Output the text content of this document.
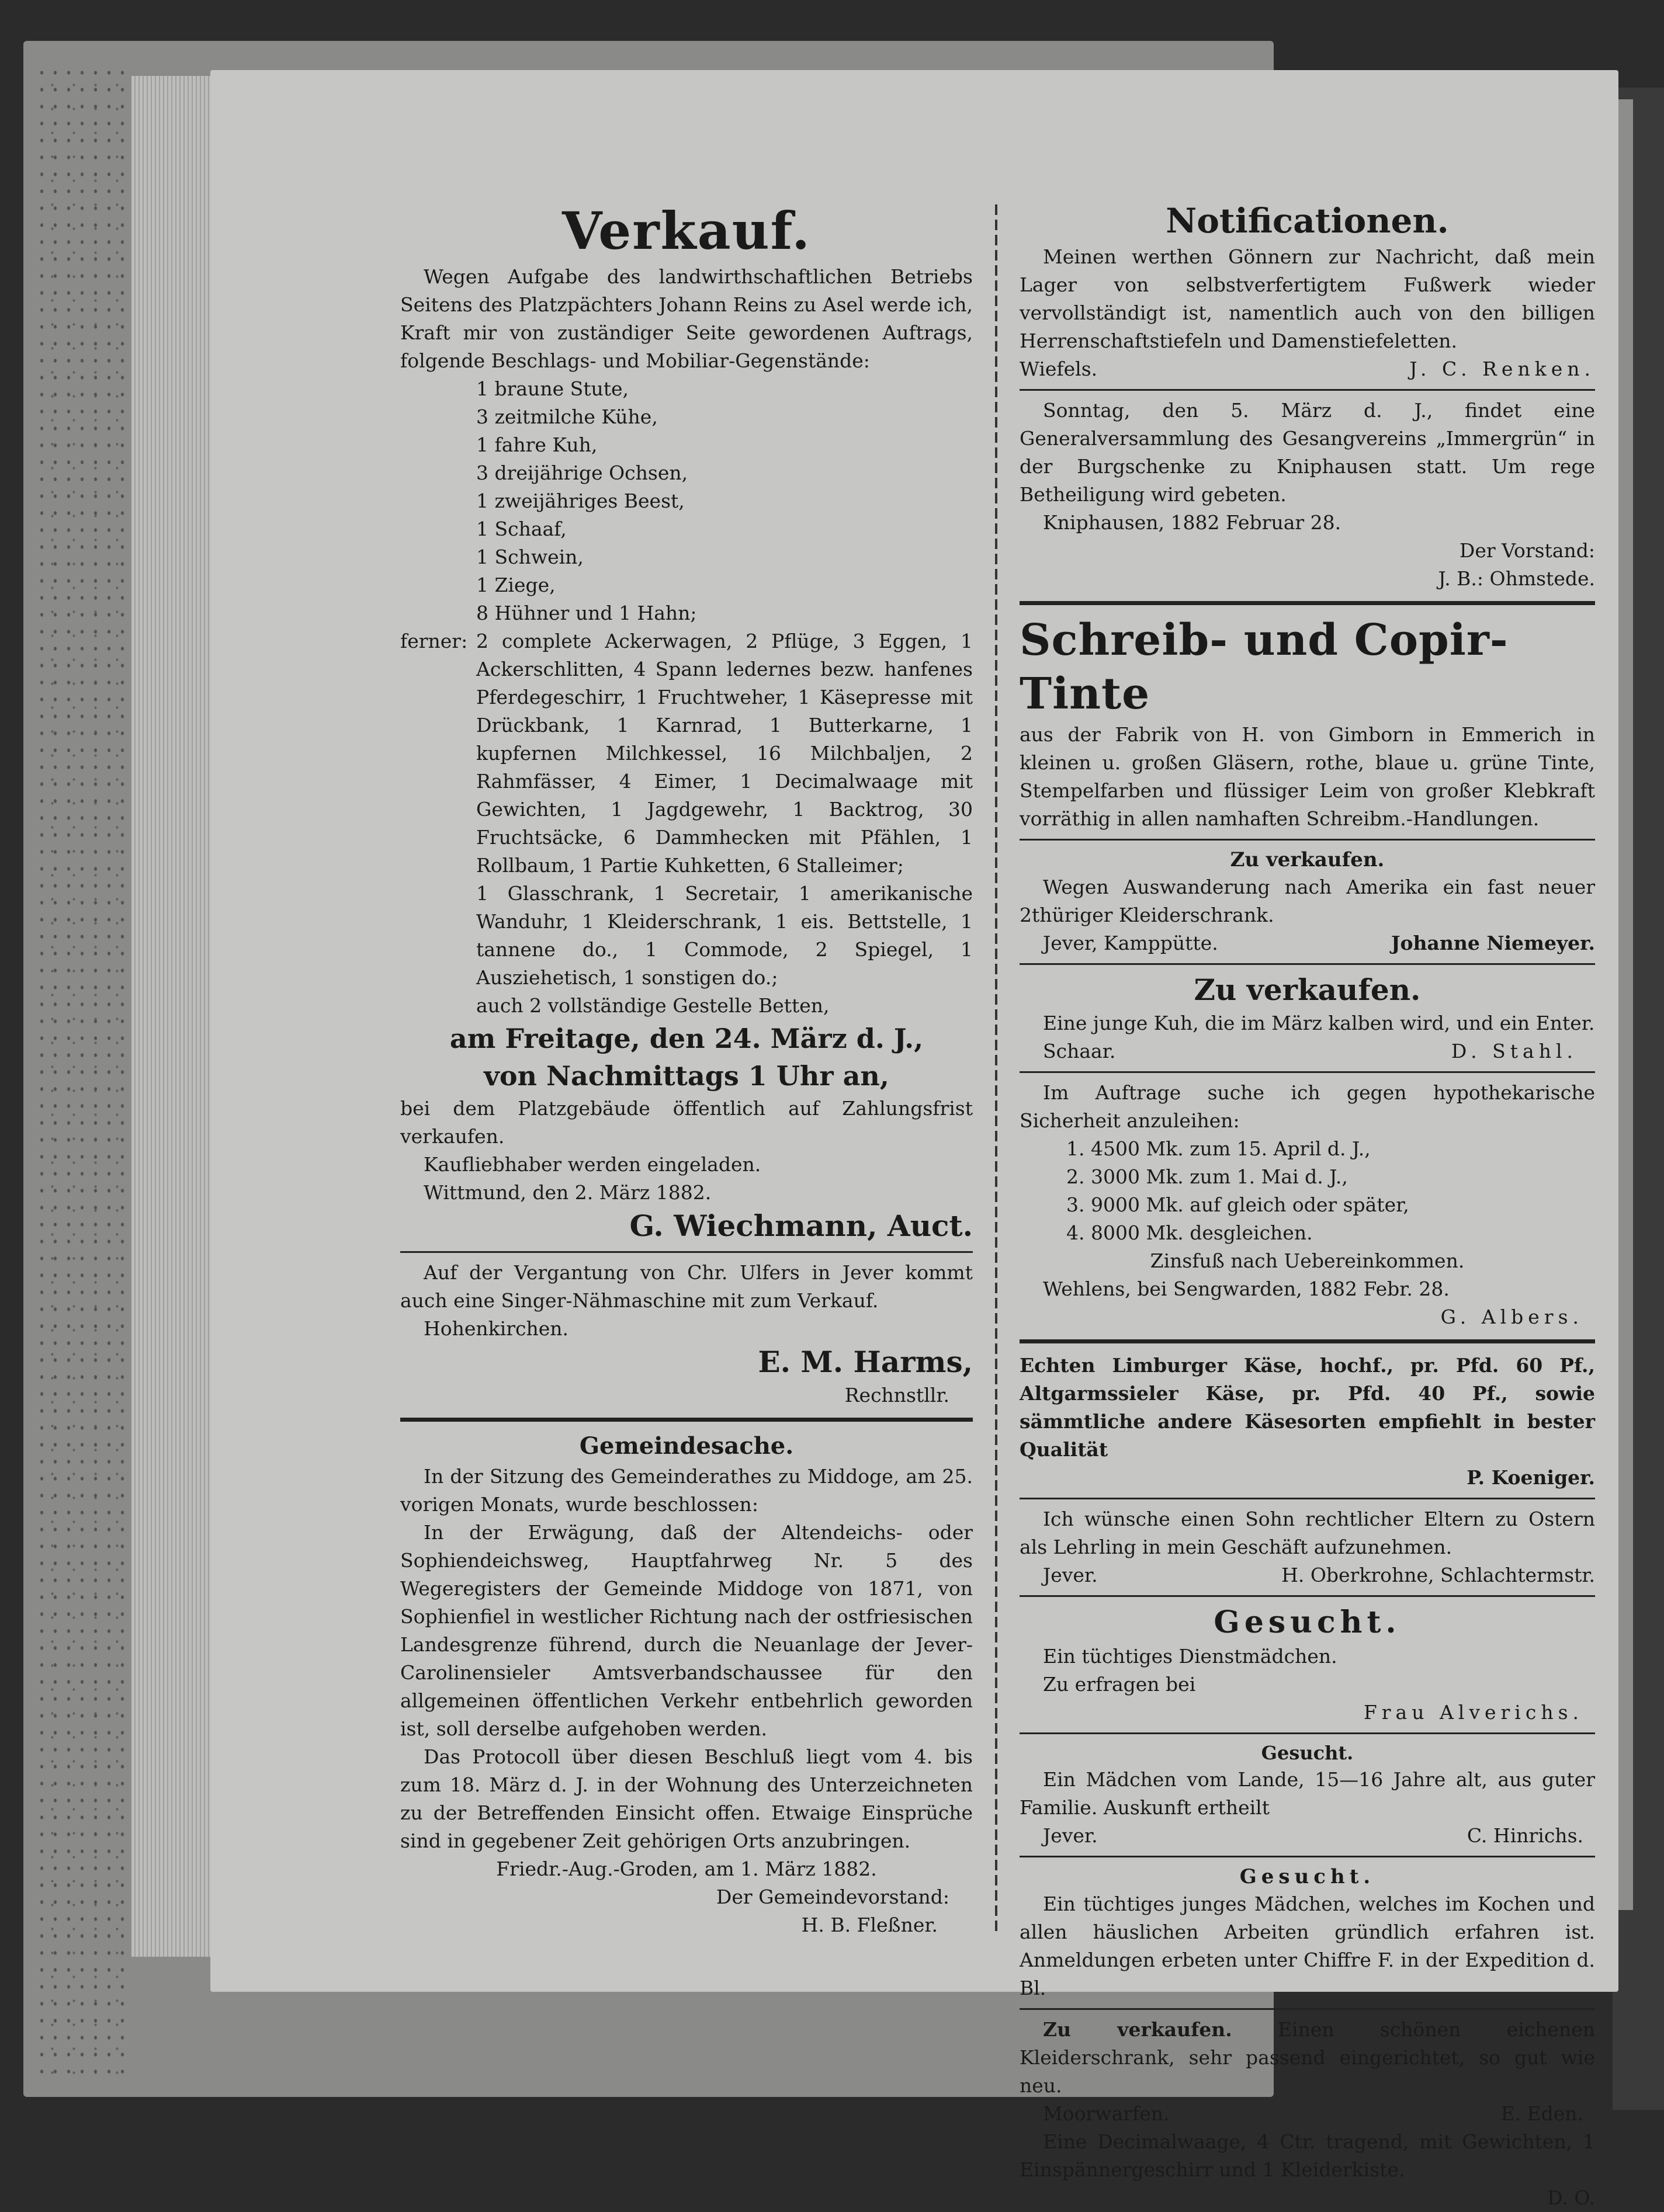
Verkauf.

Wegen Aufgabe des landwirthschaftlichen Betriebs Seitens des Platzpächters Johann Reins zu Asel werde ich, Kraft mir von zuständiger Seite gewordenen Auftrags, folgende Beschlags- und Mobiliar-Gegenstände:

1 braune Stute,
3 zeitmilche Kühe,
1 fahre Kuh,
3 dreijährige Ochsen,
1 zweijähriges Beest,
1 Schaaf,
1 Schwein,
1 Ziege,
8 Hühner und 1 Hahn;
ferner: 2 complete Ackerwagen, 2 Pflüge, 3 Eggen, 1 Ackerschlitten, 4 Spann ledernes bezw. hanfenes Pferdegeschirr, 1 Fruchtweher, 1 Käsepresse mit Drückbank, 1 Karnrad, 1 Butterkarne, 1 kupfernen Milchkessel, 16 Milchbaljen, 2 Rahmfässer, 4 Eimer, 1 Decimalwaage mit Gewichten, 1 Jagdgewehr, 1 Backtrog, 30 Fruchtsäcke, 6 Dammhecken mit Pfählen, 1 Rollbaum, 1 Partie Kuhketten, 6 Stalleimer;

1 Glasschrank, 1 Secretair, 1 amerikanische Wanduhr, 1 Kleiderschrank, 1 eis. Bettstelle, 1 tannene do., 1 Commode, 2 Spiegel, 1 Ausziehetisch, 1 sonstigen do.;

auch 2 vollständige Gestelle Betten,

am Freitage, den 24. März d. J.,
von Nachmittags 1 Uhr an,

bei dem Platzgebäude öffentlich auf Zahlungsfrist verkaufen.

Kaufliebhaber werden eingeladen.

Wittmund, den 2. März 1882.

G. Wiechmann, Auct.

Auf der Vergantung von Chr. Ulfers in Jever kommt auch eine Singer-Nähmaschine mit zum Verkauf.

Hohenkirchen.

E. M. Harms,
Rechnstllr.
Gemeindesache.

In der Sitzung des Gemeinderathes zu Middoge, am 25. vorigen Monats, wurde beschlossen:

In der Erwägung, daß der Altendeichs- oder Sophiendeichsweg, Hauptfahrweg Nr. 5 des Wegeregisters der Gemeinde Middoge von 1871, von Sophienfiel in westlicher Richtung nach der ostfriesischen Landesgrenze führend, durch die Neuanlage der Jever-Carolinensieler Amtsverbandschaussee für den allgemeinen öffentlichen Verkehr entbehrlich geworden ist, soll derselbe aufgehoben werden.

Das Protocoll über diesen Beschluß liegt vom 4. bis zum 18. März d. J. in der Wohnung des Unterzeichneten zu der Betreffenden Einsicht offen. Etwaige Einsprüche sind in gegebener Zeit gehörigen Orts anzubringen.

Friedr.-Aug.-Groden, am 1. März 1882.
Der Gemeindevorstand:
H. B. Fleßner.
Notificationen.

Meinen werthen Gönnern zur Nachricht, daß mein Lager von selbstverfertigtem Fußwerk wieder vervollständigt ist, namentlich auch von den billigen Herrenschaftstiefeln und Damenstiefeletten.

Wiefels.	J. C. Renken.

Sonntag, den 5. März d. J., findet eine Generalversammlung des Gesangvereins „Immergrün“ in der Burgschenke zu Kniphausen statt. Um rege Betheiligung wird gebeten.

Kniphausen, 1882 Februar 28.

Der Vorstand:
J. B.: Ohmstede.
Schreib- und Copir-Tinte

aus der Fabrik von H. von Gimborn in Emmerich in kleinen u. großen Gläsern, rothe, blaue u. grüne Tinte, Stempelfarben und flüssiger Leim von großer Klebkraft vorräthig in allen namhaften Schreibm.-Handlungen.

Zu verkaufen.

Wegen Auswanderung nach Amerika ein fast neuer 2thüriger Kleiderschrank.

Jever, Kamppütte.	Johanne Niemeyer.
Zu verkaufen.

Eine junge Kuh, die im März kalben wird, und ein Enter.

Schaar.	D. Stahl.

Im Auftrage suche ich gegen hypothekarische Sicherheit anzuleihen:

1. 4500 Mk. zum 15. April d. J.,
2. 3000 Mk. zum 1. Mai d. J.,
3. 9000 Mk. auf gleich oder später,
4. 8000 Mk. desgleichen.
Zinsfuß nach Uebereinkommen.
Wehlens, bei Sengwarden, 1882 Febr. 28.
G. Albers.

Echten Limburger Käse, hochf., pr. Pfd. 60 Pf., Altgarmssieler Käse, pr. Pfd. 40 Pf., sowie sämmtliche andere Käsesorten empfiehlt in bester Qualität

P. Koeniger.

Ich wünsche einen Sohn rechtlicher Eltern zu Ostern als Lehrling in mein Geschäft aufzunehmen.

Jever.	H. Oberkrohne, Schlachtermstr.
Gesucht.
Ein tüchtiges Dienstmädchen.
Zu erfragen bei
Frau Alverichs.
Gesucht.

Ein Mädchen vom Lande, 15—16 Jahre alt, aus guter Familie. Auskunft ertheilt

Jever.	C. Hinrichs.
Gesucht.

Ein tüchtiges junges Mädchen, welches im Kochen und allen häuslichen Arbeiten gründlich erfahren ist. Anmeldungen erbeten unter Chiffre F. in der Expedition d. Bl.

Zu verkaufen. Einen schönen eichenen Kleiderschrank, sehr passend eingerichtet, so gut wie neu.

Moorwarfen.	E. Eden.

Eine Decimalwaage, 4 Ctr. tragend, mit Gewichten, 1 Einspännergeschirr und 1 Kleiderkiste.

D. O.
